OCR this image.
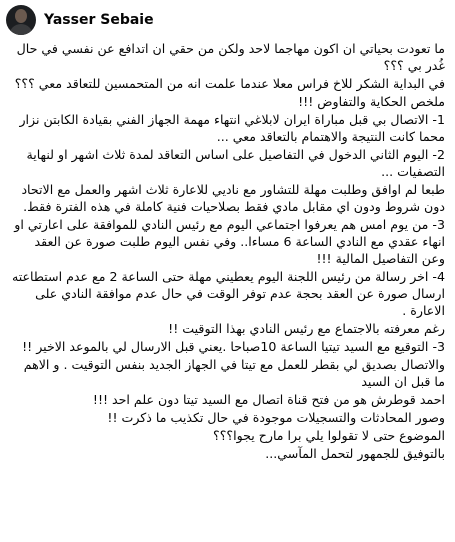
Yasser Sebaie

ما تعودت بحياتي ان اكون مهاجما لاحد ولكن من حقي ان اتدافع عن نفسي في حال غُدر بي ؟؟؟

في البداية الشكر للاخ فراس معلا عندما علمت انه من المتحمسين للتعاقد معي ؟؟؟

ملخص الحكاية والتفاوض !!!

1- الاتصال بي قبل مباراة ايران لابلاغي انتهاء مهمة الجهاز الفني بقيادة الكابتن نزار محما كانت النتيجة والاهتمام بالتعاقد معي ...

2- اليوم الثاني الدخول في التفاصيل على اساس التعاقد لمدة ثلاث اشهر او لنهاية التصفيات ...

طبعا لم اوافق وطلبت مهلة للتشاور مع ناديي للاعارة ثلاث اشهر والعمل مع الاتحاد دون شروط ودون اي مقابل مادي فقط بصلاحيات فنية كاملة في هذه الفترة فقط.

3- من يوم امس هم يعرفوا اجتماعي اليوم مع رئيس النادي للموافقة على اعارتي او انهاء عقدي مع النادي الساعة 6 مساءا.. وفي نفس اليوم طلبت صورة عن العقد وعن التفاصيل المالية !!!

4- اخر رسالة من رئيس اللجنة اليوم يعطيني مهلة حتى الساعة 2 مع عدم استطاعته ارسال صورة عن العقد بحجة عدم توفر الوقت في حال عدم موافقة النادي على الاعارة .

رغم معرفته بالاجتماع مع رئيس النادي بهذا التوقيت !!

3- التوقيع مع السيد تيتيا الساعة 10صباحا .يعني قبل الارسال لي بالموعد الاخير !!

والاتصال بصديق لي بقطر للعمل مع تيتا في الجهاز الجديد بنفس التوقيت . و الاهم ما قبل ان السيد

احمد قوطرش هو من فتح قناة اتصال مع السيد تيتا دون علم احد !!!

وصور المحادثات والتسجيلات موجودة في حال تكذيب ما ذكرت !!

الموضوع حتى لا تقولوا يلي برا مارح يجوا؟؟؟

بالتوفيق للجمهور لتحمل المآسي...
